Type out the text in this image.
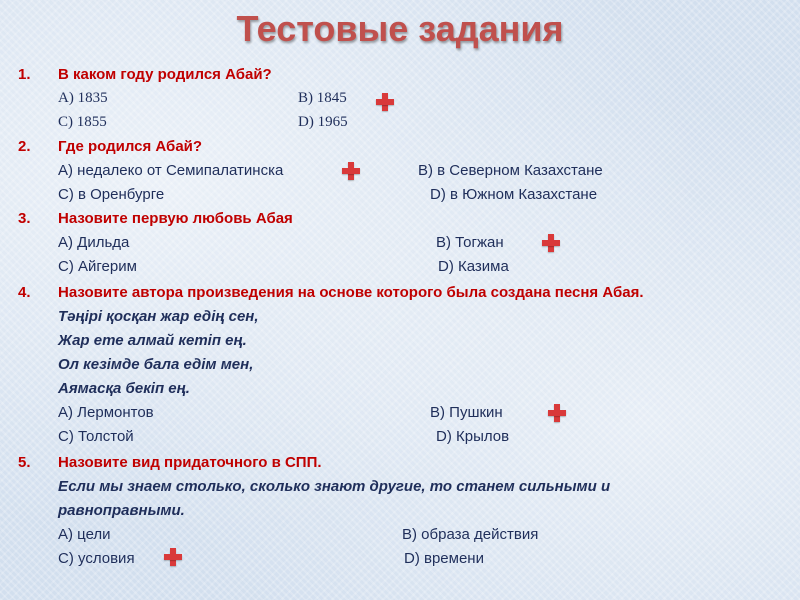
Тестовые задания
1. В каком году родился Абай?
А) 1835	В) 1845
С) 1855	D) 1965
2. Где родился Абай?
А) недалеко от Семипалатинска	В) в Северном Казахстане
С) в Оренбурге	D) в Южном Казахстане
3. Назовите первую любовь Абая
А) Дильда	В) Тогжан
С) Айгерим	D) Казима
4. Назовите автора произведения на основе которого была создана песня Абая.
Тәңірі қосқан жар едің сен,
Жар ете алмай кетіп ең.
Ол кезімде бала едім мен,
Аямасқа бекіп ең.
А) Лермонтов	В) Пушкин
С) Толстой	D) Крылов
5. Назовите вид придаточного в СПП.
Если мы знаем столько, сколько знают другие, то станем сильными и
равноправными.
А) цели	В) образа действия
С) условия	D) времени
